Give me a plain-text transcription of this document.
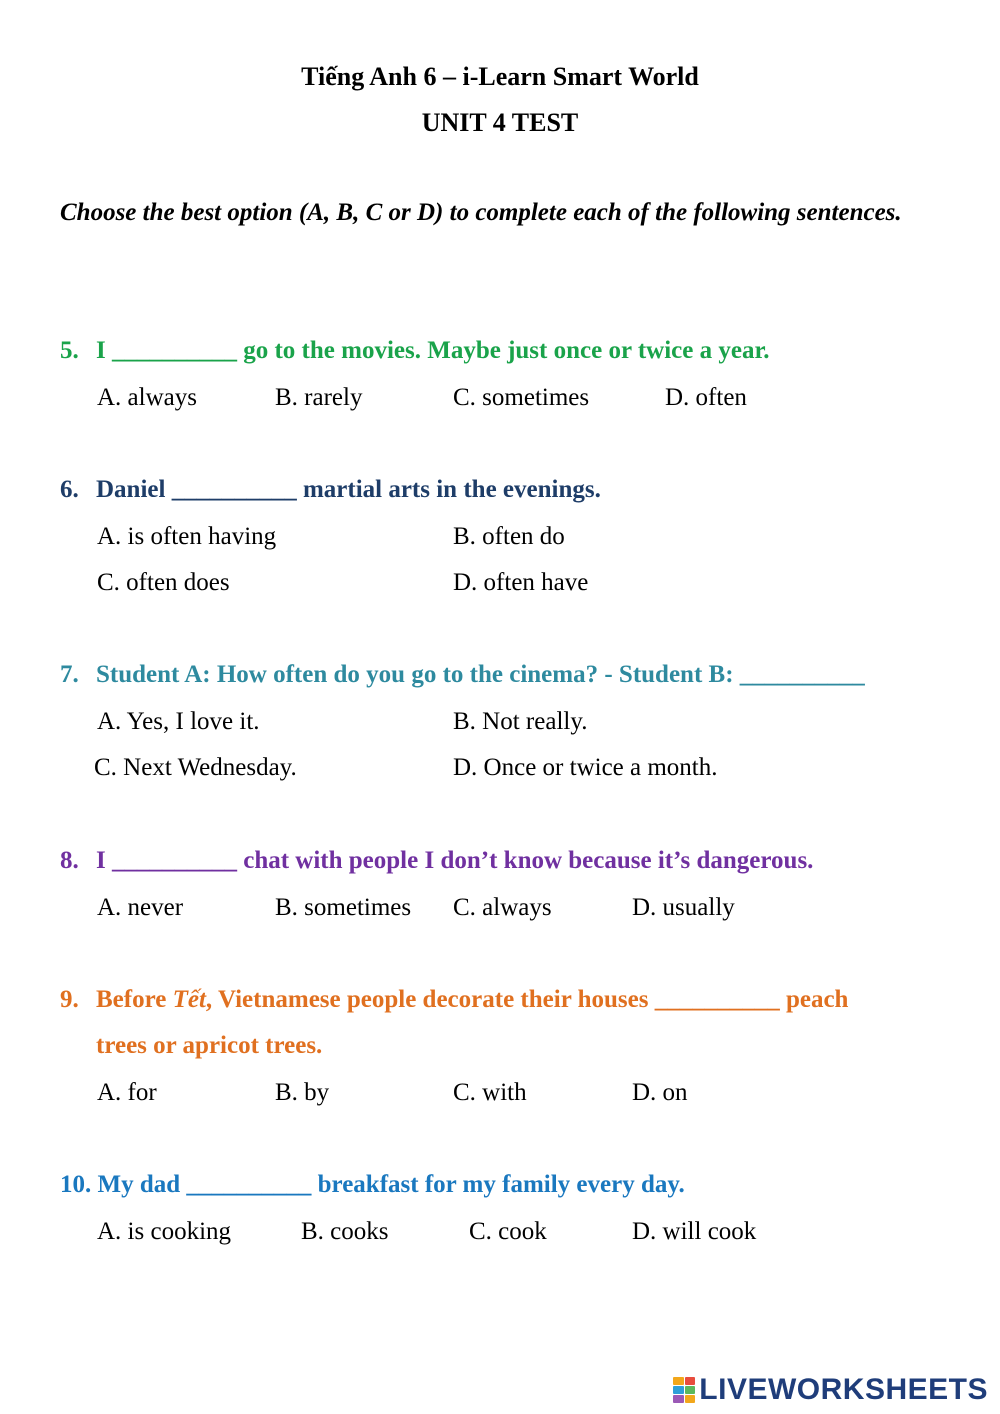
Tiếng Anh 6 – i-Learn Smart World
UNIT 4 TEST
Choose the best option (A, B, C or D) to complete each of the following sentences.
5. I __________ go to the movies. Maybe just once or twice a year.
A. always	B. rarely	C. sometimes	D. often
6. Daniel __________ martial arts in the evenings.
A. is often having	B. often do
C. often does	D. often have
7. Student A: How often do you go to the cinema? - Student B: __________
A. Yes, I love it.	B. Not really.
C. Next Wednesday.	D. Once or twice a month.
8. I __________ chat with people I don’t know because it’s dangerous.
A. never	B. sometimes C. always	D. usually
9. Before Tết, Vietnamese people decorate their houses __________ peach
trees or apricot trees.
A. for	B. by	C. with	D. on
10. My dad __________ breakfast for my family every day.
A. is cooking	B. cooks	C. cook	D. will cook
LIVEWORKSHEETS
